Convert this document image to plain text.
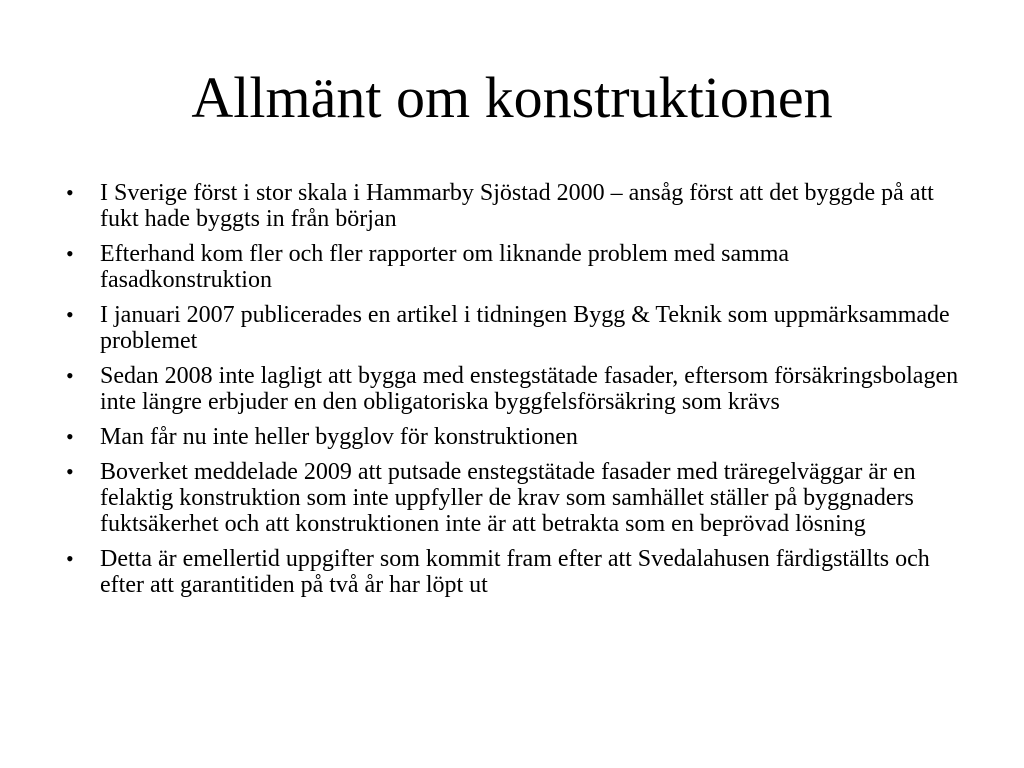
Allmänt om konstruktionen
• I Sverige först i stor skala i Hammarby Sjöstad 2000 – ansåg först att det byggde på att fukt hade byggts in från början
• Efterhand kom fler och fler rapporter om liknande problem med samma fasadkonstruktion
• I januari 2007 publicerades en artikel i tidningen Bygg & Teknik som uppmärksammade problemet
• Sedan 2008 inte lagligt att bygga med enstegstätade fasader, eftersom försäkringsbolagen inte längre erbjuder en den obligatoriska byggfelsförsäkring som krävs
• Man får nu inte heller bygglov för konstruktionen
• Boverket meddelade 2009 att putsade enstegstätade fasader med träregelväggar är en felaktig konstruktion som inte uppfyller de krav som samhället ställer på byggnaders fuktsäkerhet och att konstruktionen inte är att betrakta som en beprövad lösning
• Detta är emellertid uppgifter som kommit fram efter att Svedalahusen färdigställts och efter att garantitiden på två år har löpt ut
